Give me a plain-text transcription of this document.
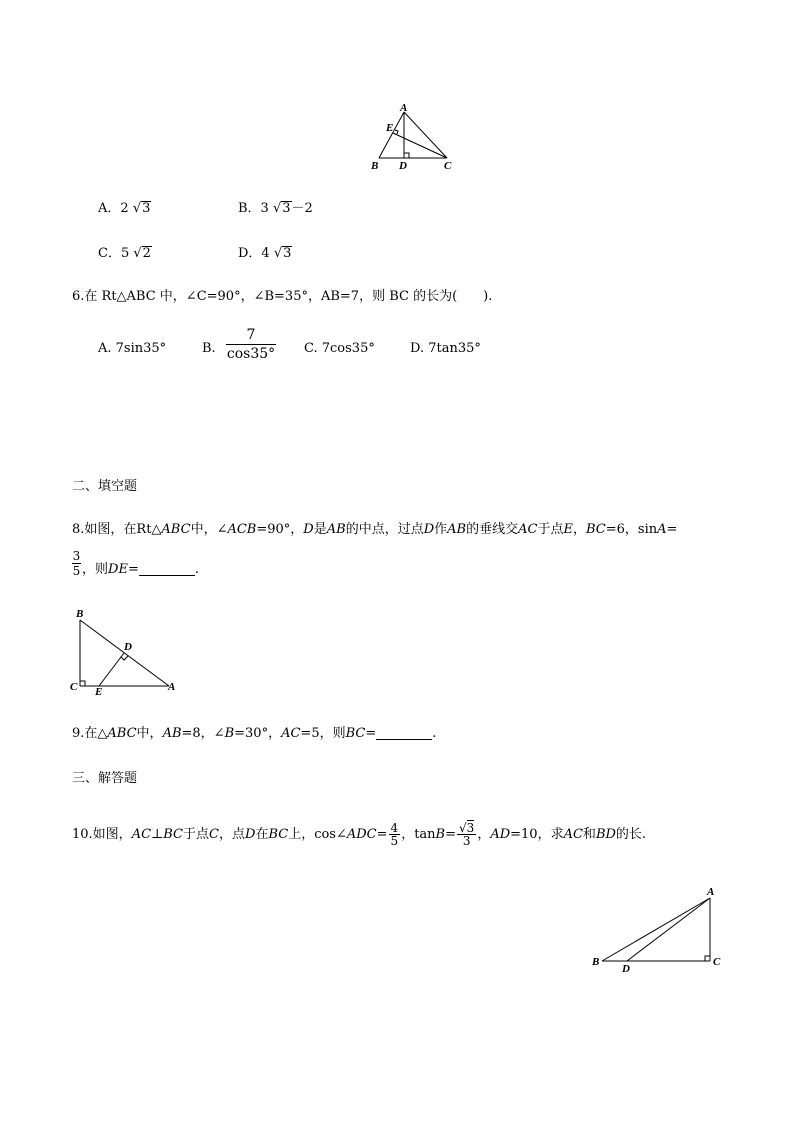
A
E
B D	C
A．2 √3	B．3 √3－2
C．5 √2	D．4 √3
6.在 Rt△ABC 中，∠C=90°，∠B=35°，AB=7，则 BC 的长为(　　).
A. 7sin35°	B.
7
cos35° C. 7cos35°	D. 7tan35°
二、填空题
8.如图，在Rt△ABC中，∠ACB=90°，D是AB的中点，过点D作AB的垂线交AC于点E，BC=6，sinA=
3
5 ，则DE=	.
B
D
C E	A
9.在△ABC中，AB=8，∠B=30°，AC=5，则BC=	.
三、解答题
10.如图，AC⊥BC于点C，点D在BC上，cos∠ADC= $\frac{4}{5}$ ，$\tan B= \frac{√3}{3}$ ，AD=10，求AC和BD的长.
A
B
D
C
